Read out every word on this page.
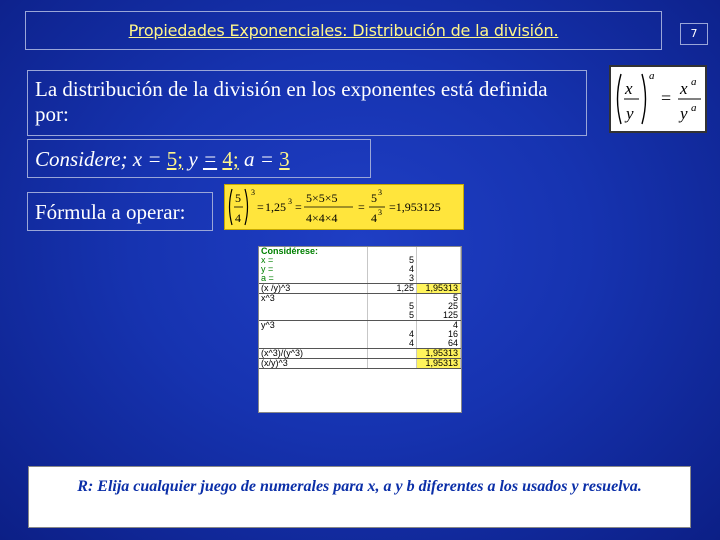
Propiedades Exponenciales: Distribución de la división.	7
La distribución de la división en los exponentes está definida por:
x
y
a
= x a
y a
Considere; x = 5; y = 4; a = 3
Fórmula a operar:
5
4
3
= 1,25 3 =
5×5×5
4×4×4
=
5 3
4 3 =1,953125
Considérese:		
x =	5	
y =	4	
a =	3	
(x /y)^3	1,25	1,95313
x^3		5
	5	25
	5	125
y^3		4
	4	16
	4	64
(x^3)/(y^3)		1,95313
(x/y)^3		1,95313
R: Elija cualquier juego de numerales para x, a y b diferentes a los usados y resuelva.
